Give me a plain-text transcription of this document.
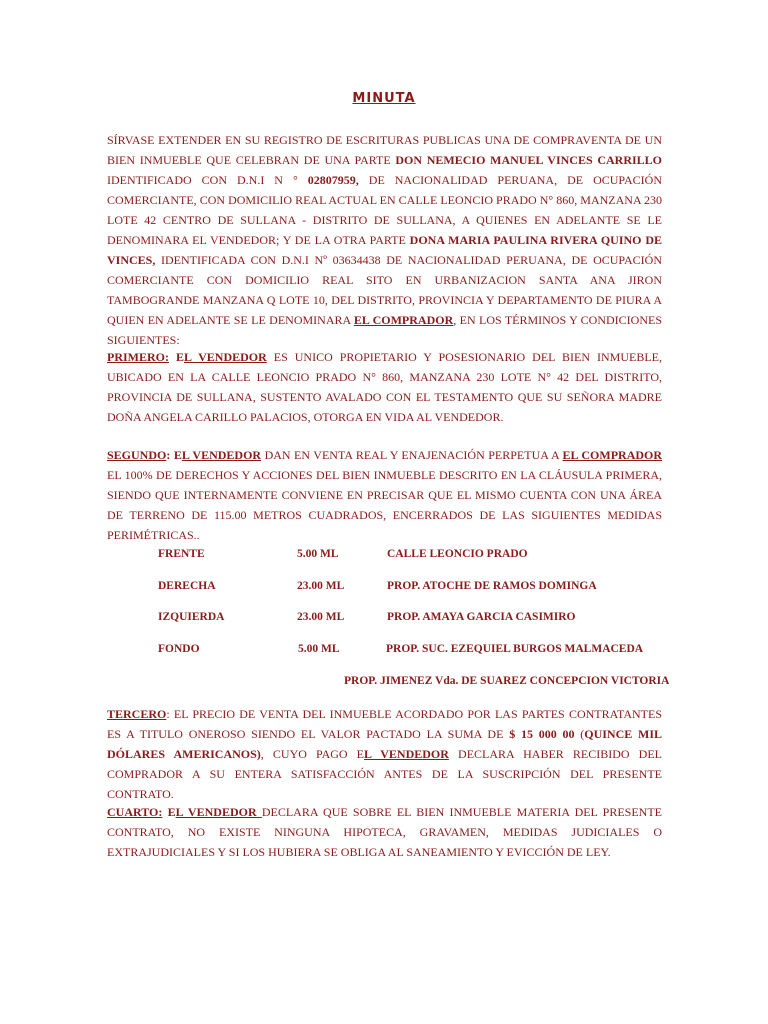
MINUTA
SÍRVASE EXTENDER EN SU REGISTRO DE ESCRITURAS PUBLICAS UNA DE COMPRAVENTA DE UN BIEN INMUEBLE QUE CELEBRAN DE UNA PARTE DON NEMECIO MANUEL VINCES CARRILLO IDENTIFICADO CON D.N.I N ° 02807959, DE NACIONALIDAD PERUANA, DE OCUPACIÓN COMERCIANTE, CON DOMICILIO REAL ACTUAL EN CALLE LEONCIO PRADO N° 860, MANZANA 230 LOTE 42 CENTRO DE SULLANA - DISTRITO DE SULLANA, A QUIENES EN ADELANTE SE LE DENOMINARA EL VENDEDOR; Y DE LA OTRA PARTE DONA MARIA PAULINA RIVERA QUINO DE VINCES, IDENTIFICADA CON D.N.I Nº 03634438 DE NACIONALIDAD PERUANA, DE OCUPACIÓN COMERCIANTE CON DOMICILIO REAL SITO EN URBANIZACION SANTA ANA JIRON TAMBOGRANDE MANZANA Q LOTE 10, DEL DISTRITO, PROVINCIA Y DEPARTAMENTO DE PIURA A QUIEN EN ADELANTE SE LE DENOMINARA EL COMPRADOR, EN LOS TÉRMINOS Y CONDICIONES SIGUIENTES:
PRIMERO: EL VENDEDOR ES UNICO PROPIETARIO Y POSESIONARIO DEL BIEN INMUEBLE, UBICADO EN LA CALLE LEONCIO PRADO N° 860, MANZANA 230 LOTE N° 42 DEL DISTRITO, PROVINCIA DE SULLANA, SUSTENTO AVALADO CON EL TESTAMENTO QUE SU SEÑORA MADRE DOÑA ANGELA CARILLO PALACIOS, OTORGA EN VIDA AL VENDEDOR.
SEGUNDO: EL VENDEDOR DAN EN VENTA REAL Y ENAJENACIÓN PERPETUA A EL COMPRADOR EL 100% DE DERECHOS Y ACCIONES DEL BIEN INMUEBLE DESCRITO EN LA CLÁUSULA PRIMERA, SIENDO QUE INTERNAMENTE CONVIENE EN PRECISAR QUE EL MISMO CUENTA CON UNA ÁREA DE TERRENO DE 115.00 METROS CUADRADOS, ENCERRADOS DE LAS SIGUIENTES MEDIDAS PERIMÉTRICAS..
FRENTE	5.00 ML	CALLE LEONCIO PRADO
DERECHA	23.00 ML	PROP. ATOCHE DE RAMOS DOMINGA
IZQUIERDA	23.00 ML	PROP. AMAYA GARCIA CASIMIRO
FONDO	5.00 ML	PROP. SUC. EZEQUIEL BURGOS MALMACEDA
PROP. JIMENEZ Vda. DE SUAREZ CONCEPCION VICTORIA
TERCERO: EL PRECIO DE VENTA DEL INMUEBLE ACORDADO POR LAS PARTES CONTRATANTES ES A TITULO ONEROSO SIENDO EL VALOR PACTADO LA SUMA DE $ 15 000 00 (QUINCE MIL DÓLARES AMERICANOS), CUYO PAGO EL VENDEDOR DECLARA HABER RECIBIDO DEL COMPRADOR A SU ENTERA SATISFACCIÓN ANTES DE LA SUSCRIPCIÓN DEL PRESENTE CONTRATO.
CUARTO: EL VENDEDOR DECLARA QUE SOBRE EL BIEN INMUEBLE MATERIA DEL PRESENTE CONTRATO, NO EXISTE NINGUNA HIPOTECA, GRAVAMEN, MEDIDAS JUDICIALES O EXTRAJUDICIALES Y SI LOS HUBIERA SE OBLIGA AL SANEAMIENTO Y EVICCIÓN DE LEY.
